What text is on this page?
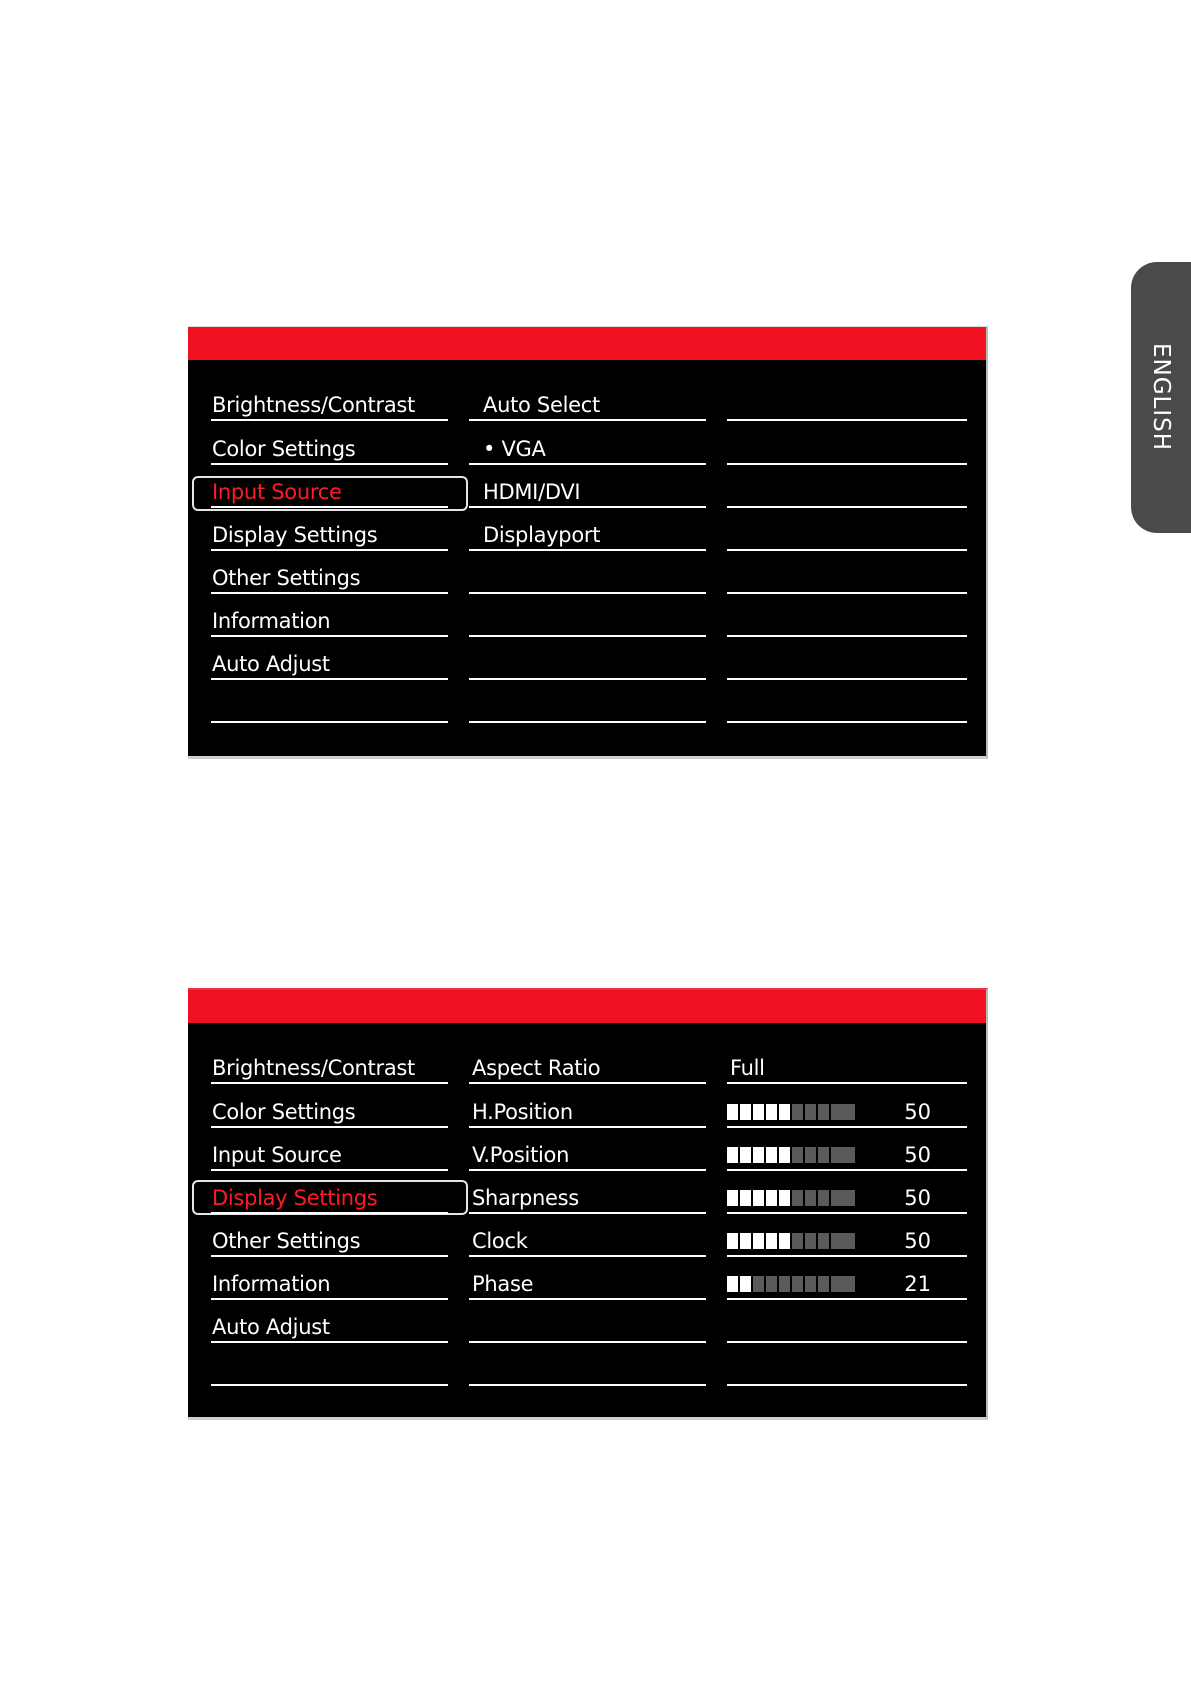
ENGLISH
Brightness/Contrast	Auto Select
Color Settings	• VGA
Input Source	HDMI/DVI
Display Settings	Displayport
Other Settings
Information
Auto Adjust
Brightness/Contrast	Aspect Ratio	Full
Color Settings	H.Position	50
Input Source	V.Position	50
Display Settings	Sharpness	50
Other Settings	Clock	50
Information	Phase	21
Auto Adjust
